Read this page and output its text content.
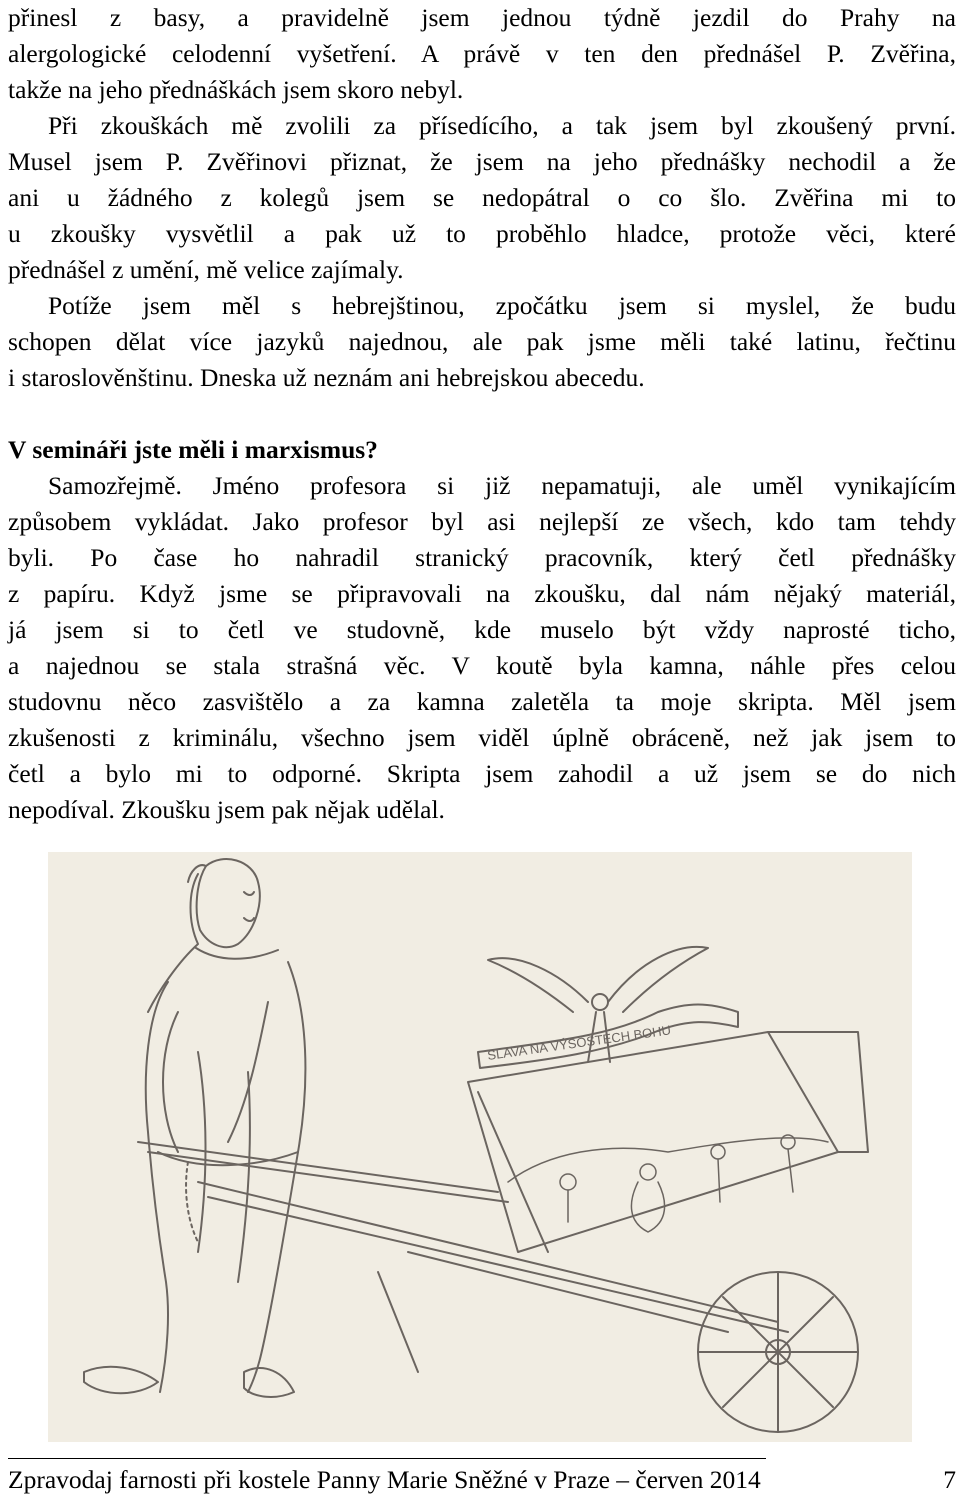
přinesl z basy, a pravidelně jsem jednou týdně jezdil do Prahy na
alergologické celodenní vyšetření. A právě v ten den přednášel P. Zvěřina,
takže na jeho přednáškách jsem skoro nebyl.
Při zkouškách mě zvolili za přísedícího, a tak jsem byl zkoušený první.
Musel jsem P. Zvěřinovi přiznat, že jsem na jeho přednášky nechodil a že
ani u žádného z kolegů jsem se nedopátral o co šlo. Zvěřina mi to
u zkoušky vysvětlil a pak už to proběhlo hladce, protože věci, které
přednášel z umění, mě velice zajímaly.
Potíže jsem měl s hebrejštinou, zpočátku jsem si myslel, že budu
schopen dělat více jazyků najednou, ale pak jsme měli také latinu, řečtinu
i staroslověnštinu. Dneska už neznám ani hebrejskou abecedu.
V semináři jste měli i marxismus?
Samozřejmě. Jméno profesora si již nepamatuji, ale uměl vynikajícím
způsobem vykládat. Jako profesor byl asi nejlepší ze všech, kdo tam tehdy
byli. Po čase ho nahradil stranický pracovník, který četl přednášky
z papíru. Když jsme se připravovali na zkoušku, dal nám nějaký materiál,
já jsem si to četl ve studovně, kde muselo být vždy naprosté ticho,
a najednou se stala strašná věc. V koutě byla kamna, náhle přes celou
studovnu něco zasvištělo a za kamna zaletěla ta moje skripta. Měl jsem
zkušenosti z kriminálu, všechno jsem viděl úplně obráceně, než jak jsem to
četl a bylo mi to odporné. Skripta jsem zahodil a už jsem se do nich
nepodíval. Zkoušku jsem pak nějak udělal.
SLAVA NA VÝSOSTECH BOHU
Zpravodaj farnosti při kostele Panny Marie Sněžné v Praze – červen 2014	7
